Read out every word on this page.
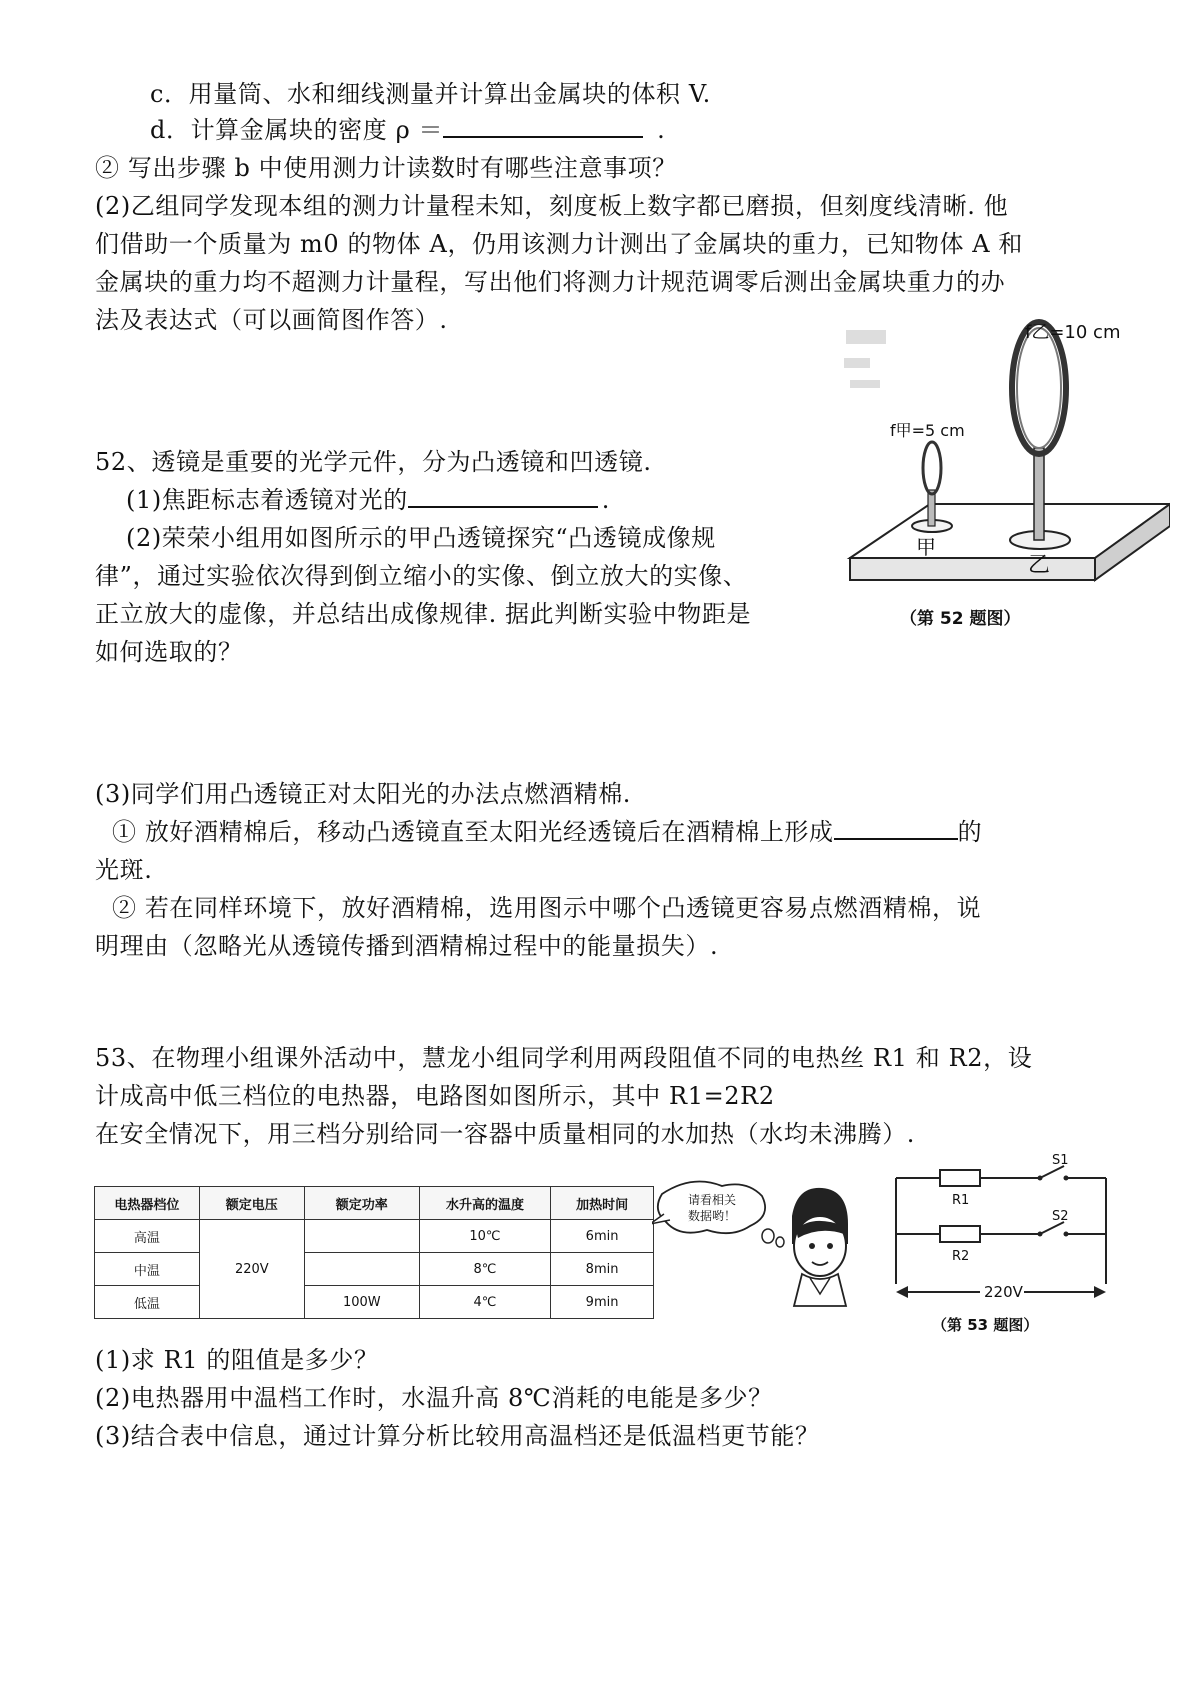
c．用量筒、水和细线测量并计算出金属块的体积 V.
d．计算金属块的密度 ρ ＝	.
② 写出步骤 b 中使用测力计读数时有哪些注意事项？
(2)乙组同学发现本组的测力计量程未知，刻度板上数字都已磨损，但刻度线清晰. 他
们借助一个质量为 m0 的物体 A，仍用该测力计测出了金属块的重力，已知物体 A 和
金属块的重力均不超测力计量程，写出他们将测力计规范调零后测出金属块重力的办
法及表达式（可以画简图作答）.
52、透镜是重要的光学元件，分为凸透镜和凹透镜.
(1)焦距标志着透镜对光的	.
(2)荣荣小组用如图所示的甲凸透镜探究“凸透镜成像规
律”，通过实验依次得到倒立缩小的实像、倒立放大的实像、
正立放大的虚像，并总结出成像规律. 据此判断实验中物距是
如何选取的？
f乙=10 cm
f甲=5 cm
甲
乙
（第 52 题图）
(3)同学们用凸透镜正对太阳光的办法点燃酒精棉.
① 放好酒精棉后，移动凸透镜直至太阳光经透镜后在酒精棉上形成	的
光斑.
② 若在同样环境下，放好酒精棉，选用图示中哪个凸透镜更容易点燃酒精棉，说
明理由（忽略光从透镜传播到酒精棉过程中的能量损失）.
53、在物理小组课外活动中，慧龙小组同学利用两段阻值不同的电热丝 R1 和 R2，设
计成高中低三档位的电热器，电路图如图所示，其中 R1=2R2
在安全情况下，用三档分别给同一容器中质量相同的水加热（水均未沸腾）.
电热器档位	额定电压	额定功率	水升高的温度	加热时间
高温	220V		10℃	6min
中温			8℃	8min
低温		100W	4℃	9min
请看相关
数据哟！
R1
S1
R2
S2
220V
（第 53 题图）
(1)求 R1 的阻值是多少？
(2)电热器用中温档工作时，水温升高 8℃消耗的电能是多少？
(3)结合表中信息，通过计算分析比较用高温档还是低温档更节能？
